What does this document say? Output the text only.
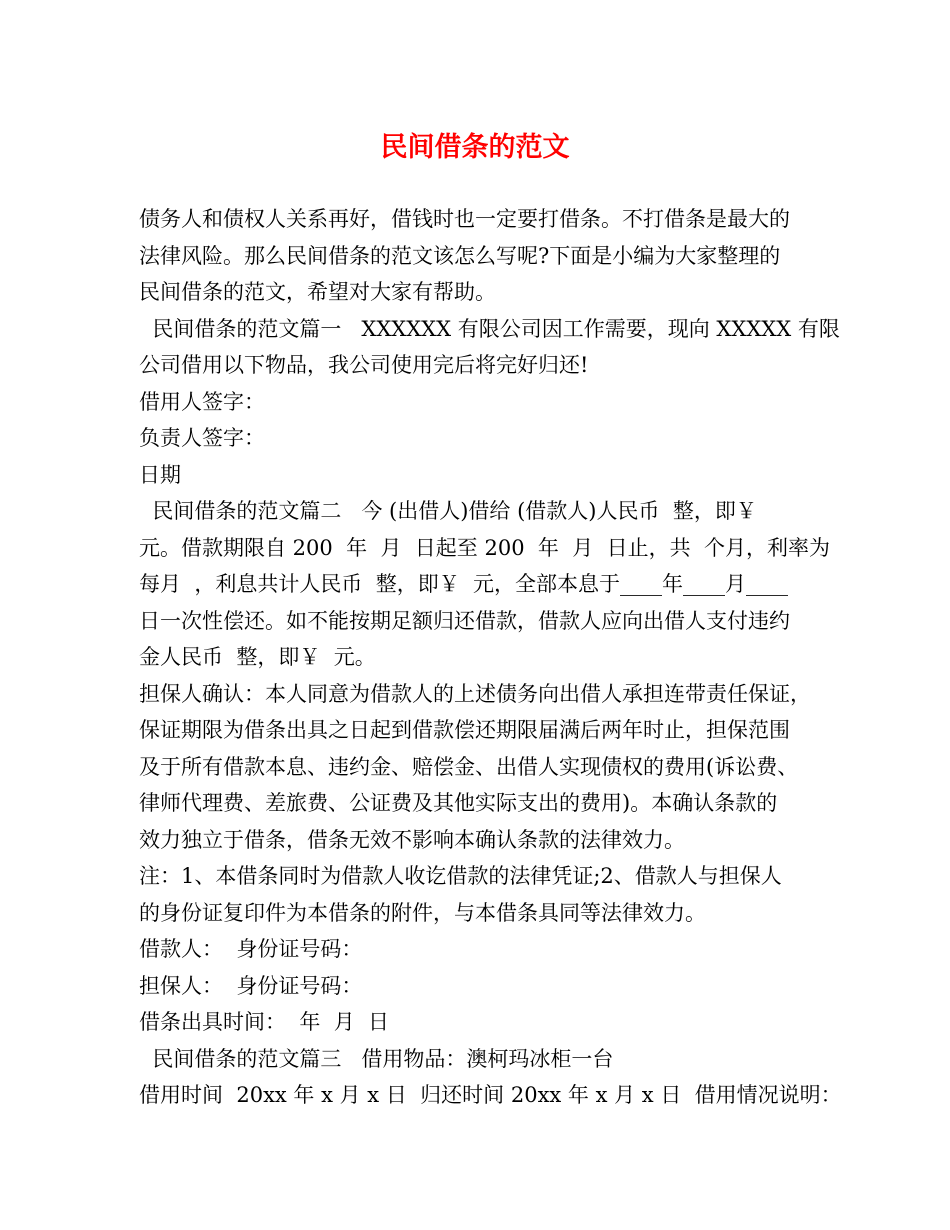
民间借条的范文
债务人和债权人关系再好，借钱时也一定要打借条。不打借条是最大的
法律风险。那么民间借条的范文该怎么写呢?下面是小编为大家整理的
民间借条的范文，希望对大家有帮助。
民间借条的范文篇一   XXXXXX 有限公司因工作需要，现向 XXXXX 有限
公司借用以下物品，我公司使用完后将完好归还!
借用人签字：
负责人签字：
日期
民间借条的范文篇二   今 (出借人)借给 (借款人)人民币  整，即￥
元。借款期限自 200  年  月  日起至 200  年  月  日止，共  个月，利率为
每月  ，利息共计人民币  整，即￥  元，全部本息于____年____月____
日一次性偿还。如不能按期足额归还借款，借款人应向出借人支付违约
金人民币  整，即￥  元。
担保人确认：本人同意为借款人的上述债务向出借人承担连带责任保证，
保证期限为借条出具之日起到借款偿还期限届满后两年时止，担保范围
及于所有借款本息、违约金、赔偿金、出借人实现债权的费用(诉讼费、
律师代理费、差旅费、公证费及其他实际支出的费用)。本确认条款的
效力独立于借条，借条无效不影响本确认条款的法律效力。
注：1、本借条同时为借款人收讫借款的法律凭证;2、借款人与担保人
的身份证复印件为本借条的附件，与本借条具同等法律效力。
借款人：  身份证号码：
担保人：  身份证号码：
借条出具时间：  年  月  日
民间借条的范文篇三   借用物品：澳柯玛冰柜一台
借用时间  20xx 年 x 月 x 日  归还时间 20xx 年 x 月 x 日  借用情况说明：
